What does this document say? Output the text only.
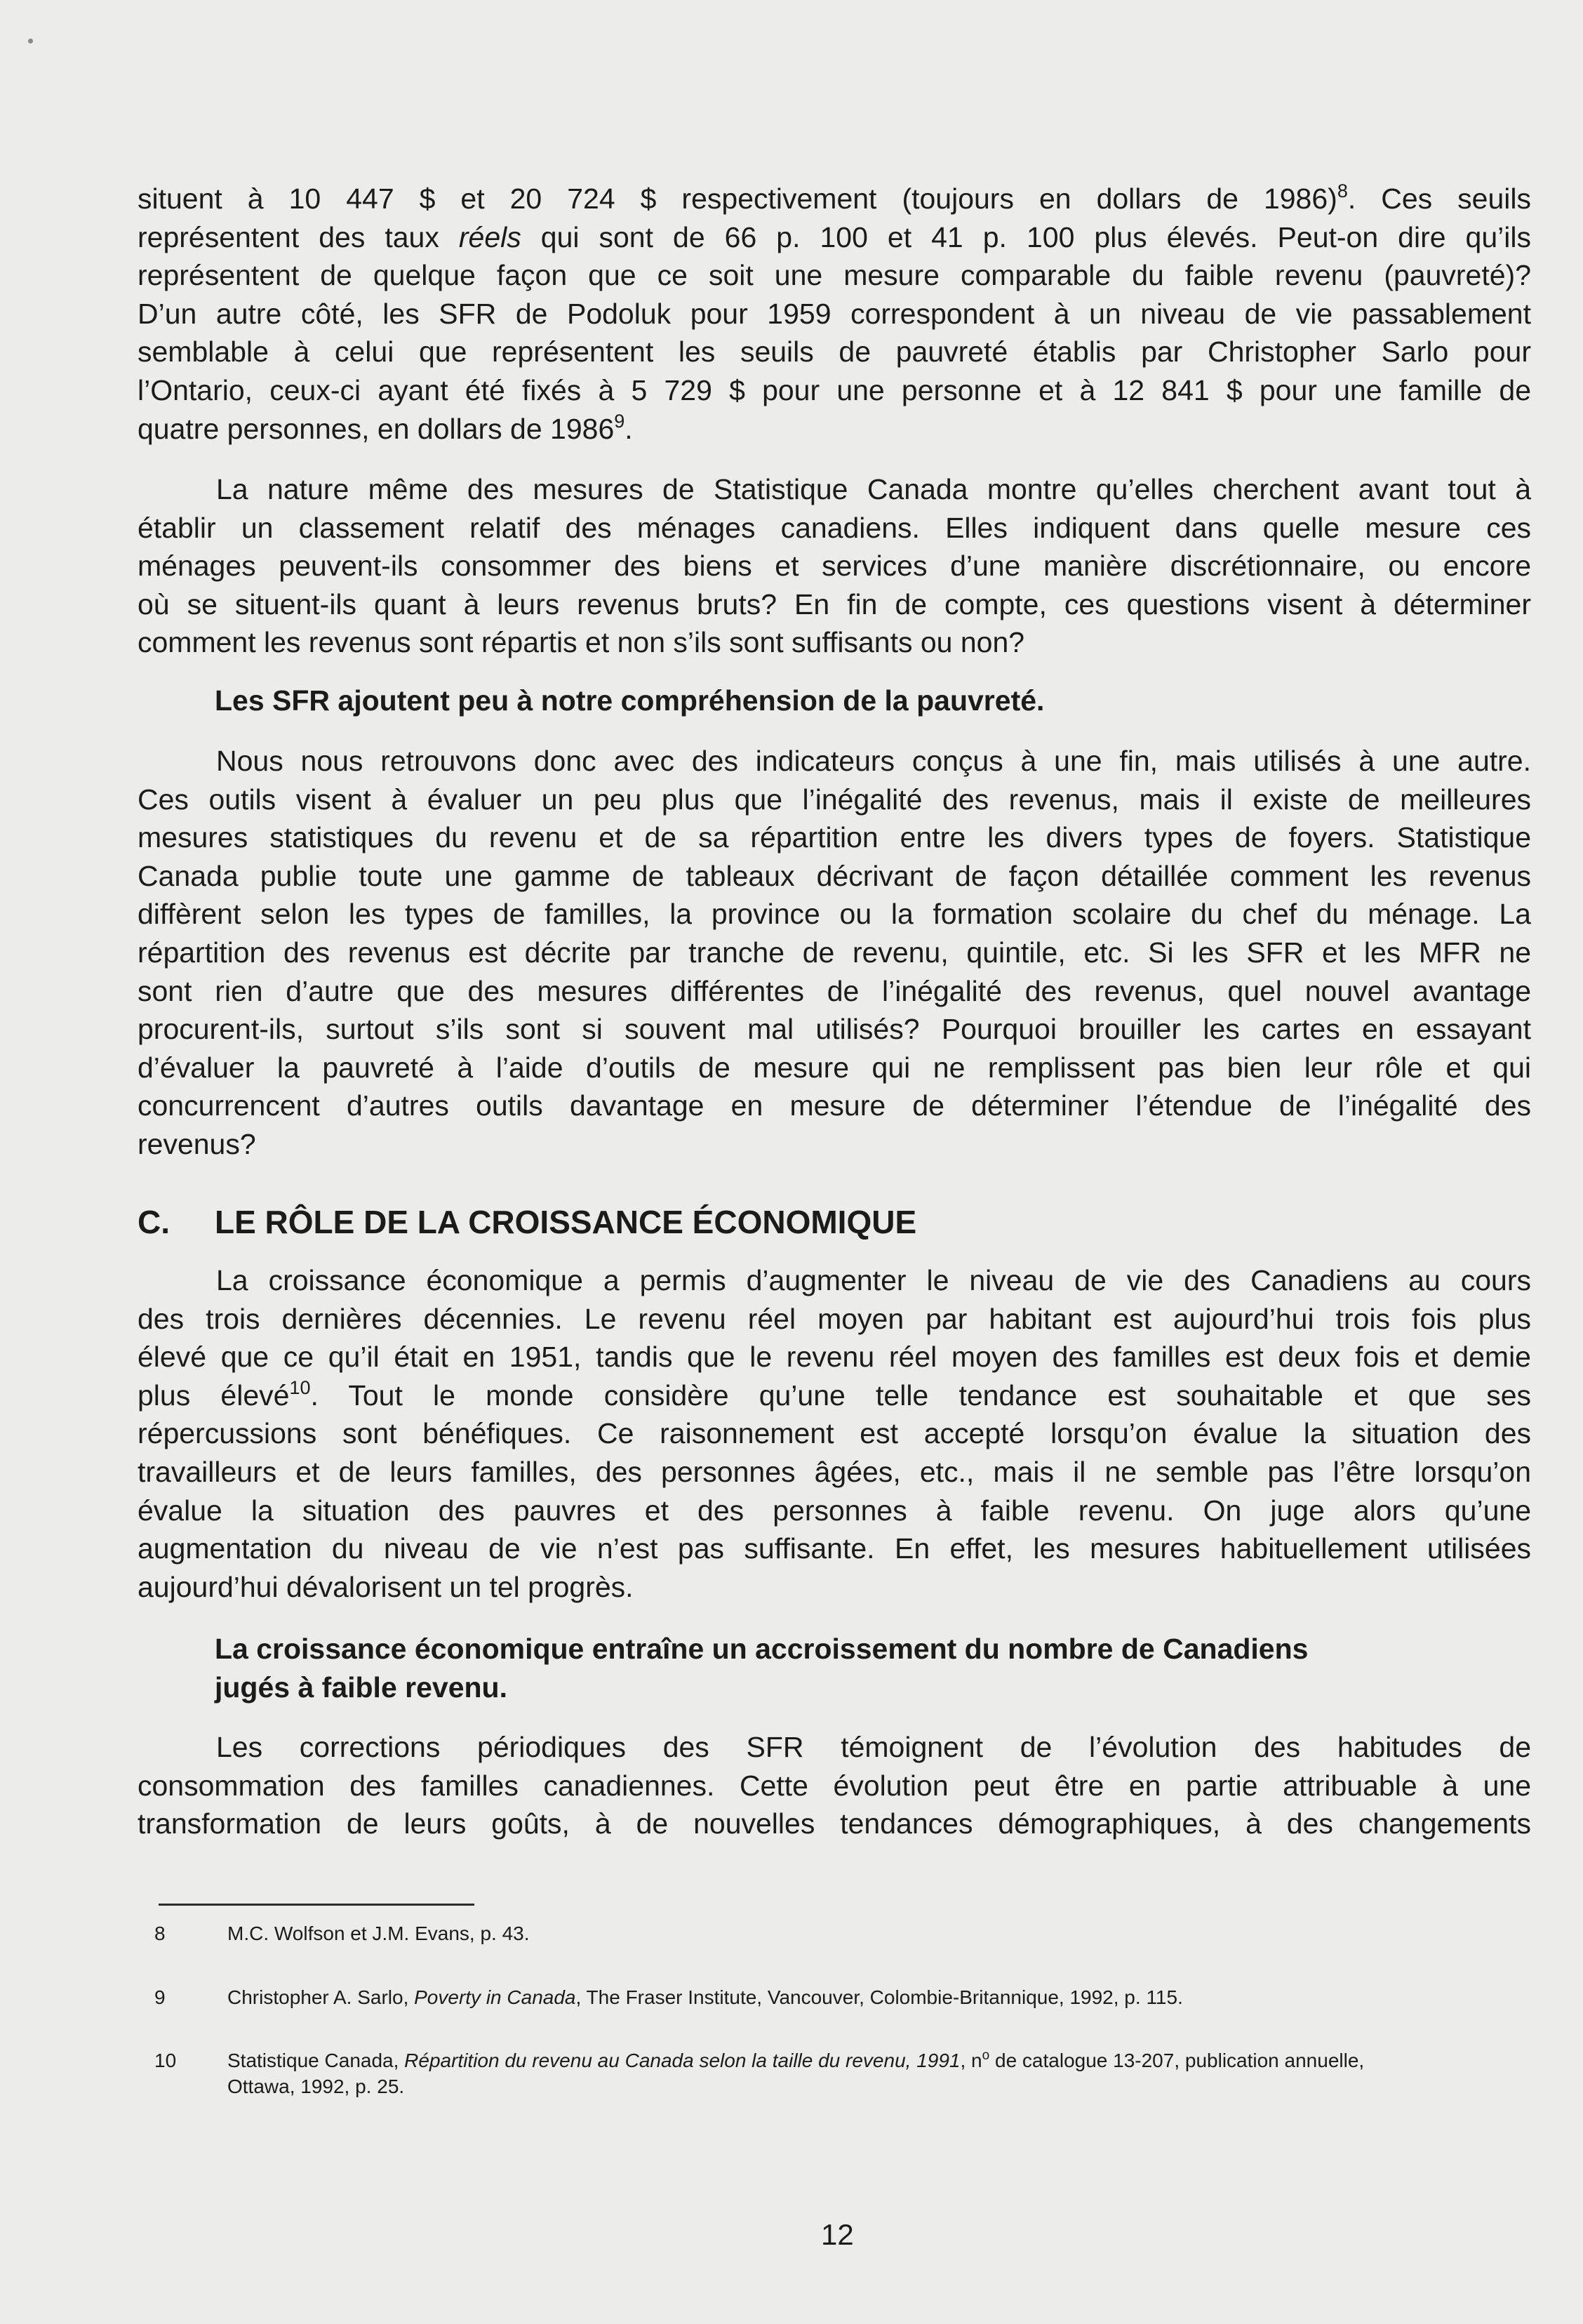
situent à 10 447 $ et 20 724 $ respectivement (toujours en dollars de 1986)$^8$. Ces seuils
représentent des taux réels qui sont de 66 p. 100 et 41 p. 100 plus élevés. Peut-on dire qu’ils
représentent de quelque façon que ce soit une mesure comparable du faible revenu (pauvreté)?
D’un autre côté, les SFR de Podoluk pour 1959 correspondent à un niveau de vie passablement
semblable à celui que représentent les seuils de pauvreté établis par Christopher Sarlo pour
l’Ontario, ceux-ci ayant été fixés à 5 729 $ pour une personne et à 12 841 $ pour une famille de
quatre personnes, en dollars de 1986$^9$.
La nature même des mesures de Statistique Canada montre qu’elles cherchent avant tout à
établir un classement relatif des ménages canadiens. Elles indiquent dans quelle mesure ces
ménages peuvent-ils consommer des biens et services d’une manière discrétionnaire, ou encore
où se situent-ils quant à leurs revenus bruts? En fin de compte, ces questions visent à déterminer
comment les revenus sont répartis et non s’ils sont suffisants ou non?
Les SFR ajoutent peu à notre compréhension de la pauvreté.
Nous nous retrouvons donc avec des indicateurs conçus à une fin, mais utilisés à une autre.
Ces outils visent à évaluer un peu plus que l’inégalité des revenus, mais il existe de meilleures
mesures statistiques du revenu et de sa répartition entre les divers types de foyers. Statistique
Canada publie toute une gamme de tableaux décrivant de façon détaillée comment les revenus
diffèrent selon les types de familles, la province ou la formation scolaire du chef du ménage. La
répartition des revenus est décrite par tranche de revenu, quintile, etc. Si les SFR et les MFR ne
sont rien d’autre que des mesures différentes de l’inégalité des revenus, quel nouvel avantage
procurent-ils, surtout s’ils sont si souvent mal utilisés? Pourquoi brouiller les cartes en essayant
d’évaluer la pauvreté à l’aide d’outils de mesure qui ne remplissent pas bien leur rôle et qui
concurrencent d’autres outils davantage en mesure de déterminer l’étendue de l’inégalité des
revenus?
C. LE RÔLE DE LA CROISSANCE ÉCONOMIQUE
La croissance économique a permis d’augmenter le niveau de vie des Canadiens au cours
des trois dernières décennies. Le revenu réel moyen par habitant est aujourd’hui trois fois plus
élevé que ce qu’il était en 1951, tandis que le revenu réel moyen des familles est deux fois et demie
plus élevé$^{10}$. Tout le monde considère qu’une telle tendance est souhaitable et que ses
répercussions sont bénéfiques. Ce raisonnement est accepté lorsqu’on évalue la situation des
travailleurs et de leurs familles, des personnes âgées, etc., mais il ne semble pas l’être lorsqu’on
évalue la situation des pauvres et des personnes à faible revenu. On juge alors qu’une
augmentation du niveau de vie n’est pas suffisante. En effet, les mesures habituellement utilisées
aujourd’hui dévalorisent un tel progrès.
La croissance économique entraîne un accroissement du nombre de Canadiens
jugés à faible revenu.
Les corrections périodiques des SFR témoignent de l’évolution des habitudes de
consommation des familles canadiennes. Cette évolution peut être en partie attribuable à une
transformation de leurs goûts, à de nouvelles tendances démographiques, à des changements
8	M.C. Wolfson et J.M. Evans, p. 43.
9	Christopher A. Sarlo, Poverty in Canada, The Fraser Institute, Vancouver, Colombie-Britannique, 1992, p. 115.
10	Statistique Canada, Répartition du revenu au Canada selon la taille du revenu, 1991, $n^o$ de catalogue 13-207, publication annuelle,
Ottawa, 1992, p. 25.
12
